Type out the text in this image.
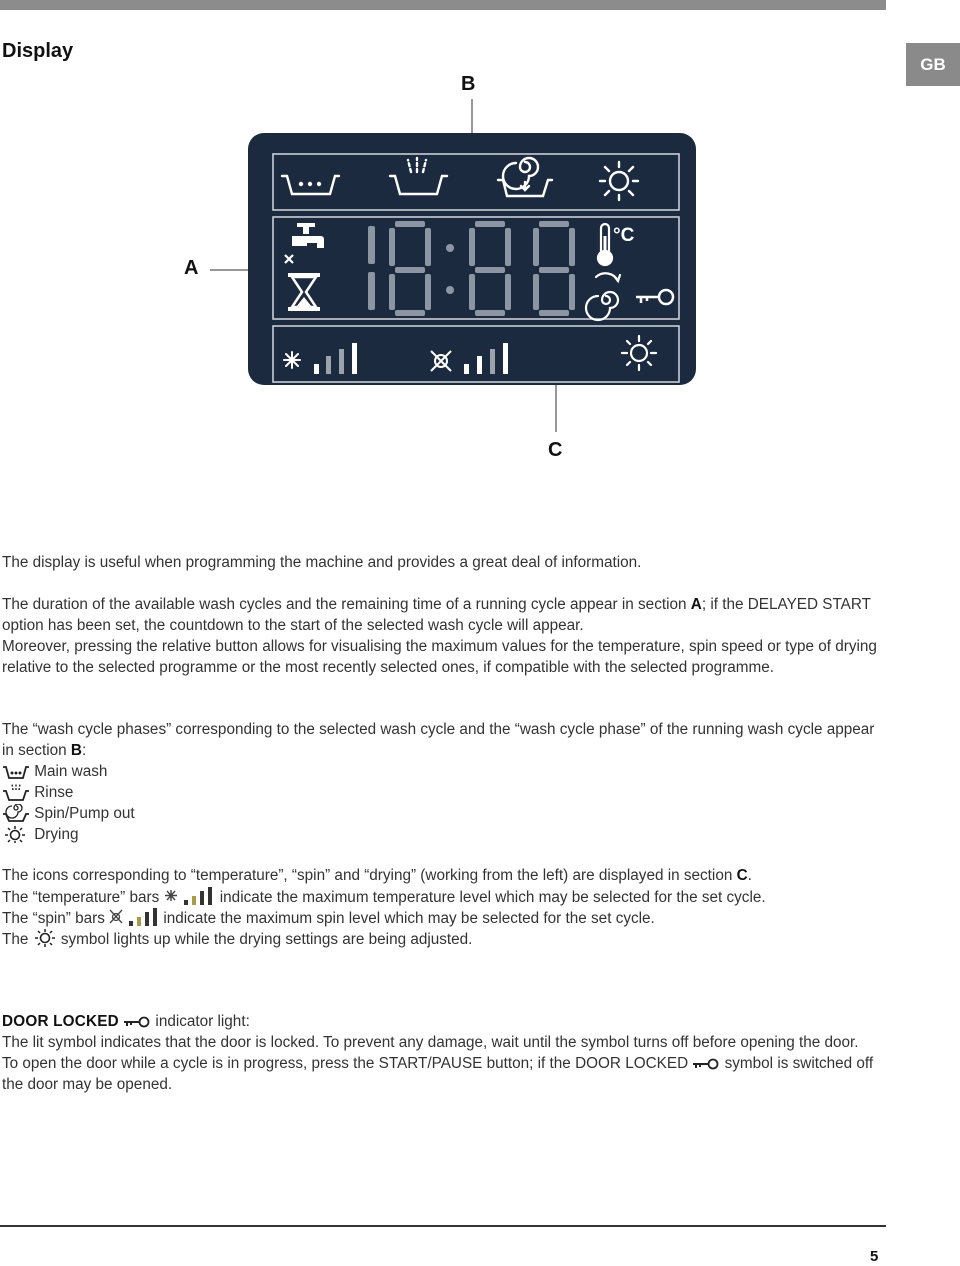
Display
GB
B
A
C
°C

The display is useful when programming the machine and provides a great deal of information.

The duration of the available wash cycles and the remaining time of a running cycle appear in section A; if the DELAYED START option has been set, the countdown to the start of the selected wash cycle will appear.

Moreover, pressing the relative button allows for visualising the maximum values for the temperature, spin speed or type of drying relative to the selected programme or the most recently selected ones, if compatible with the selected programme.

The “wash cycle phases” corresponding to the selected wash cycle and the “wash cycle phase” of the running wash cycle appear in section B:

Main wash
Rinse
Spin/Pump out
Drying

The icons corresponding to “temperature”, “spin” and “drying” (working from the left) are displayed in section C.

The “temperature” bars	indicate the maximum temperature level which may be selected for the set cycle.

The “spin” bars	indicate the maximum spin level which may be selected for the set cycle.

The  symbol lights up while the drying settings are being adjusted.

DOOR LOCKED  indicator light:

The lit symbol indicates that the door is locked. To prevent any damage, wait until the symbol turns off before opening the door.

To open the door while a cycle is in progress, press the START/PAUSE button; if the DOOR LOCKED  symbol is switched off the door may be opened.

5
